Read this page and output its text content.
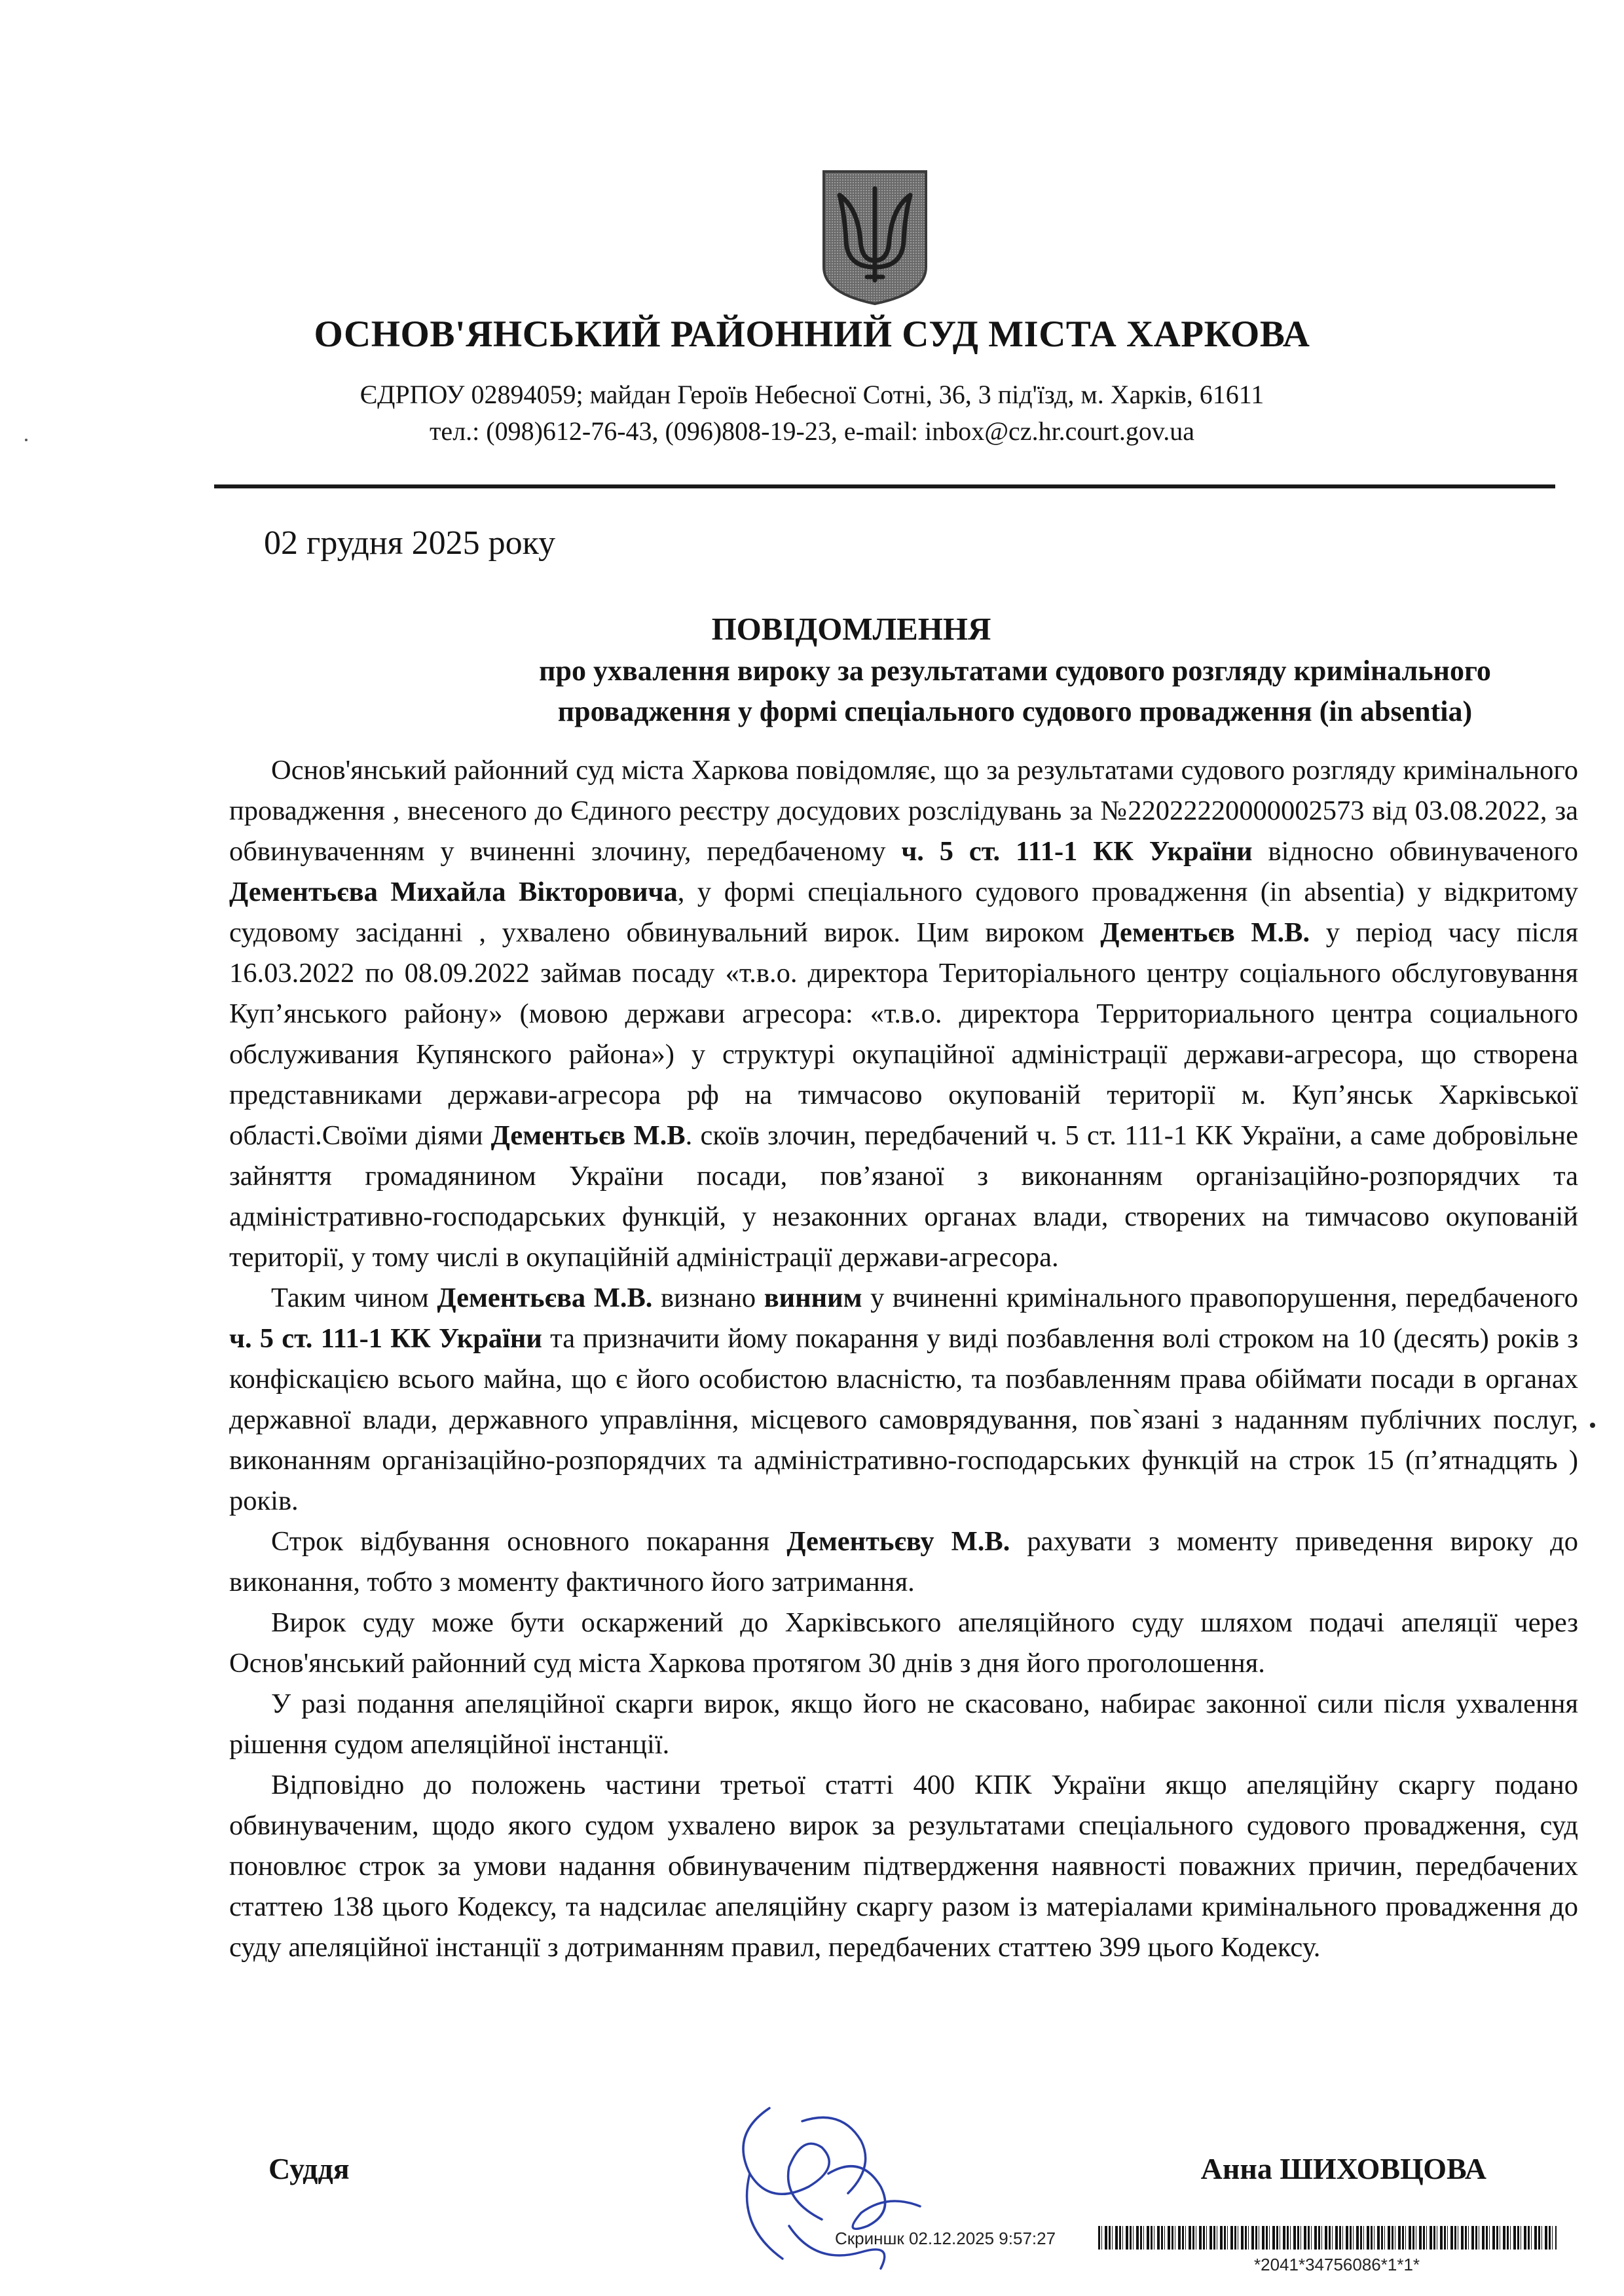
ОСНОВ'ЯНСЬКИЙ РАЙОННИЙ СУД МІСТА ХАРКОВА
ЄДРПОУ 02894059; майдан Героїв Небесної Сотні, 36, 3 під'їзд, м. Харків, 61611
тел.: (098)612-76-43, (096)808-19-23, e-mail: inbox@cz.hr.court.gov.ua
02 грудня 2025 року
ПОВІДОМЛЕННЯ
про ухвалення вироку за результатами судового розгляду кримінального
провадження у формі спеціального судового провадження (in absentia)

Основ'янський районний суд міста Харкова повідомляє, що за результатами судового розгляду кримінального провадження , внесеного до Єдиного реєстру досудових розслідувань за №22022220000002573 від 03.08.2022, за обвинуваченням у вчиненні злочину, передбаченому ч. 5 ст. 111-1 КК України відносно обвинуваченого Дементьєва Михайла Вікторовича, у формі спеціального судового провадження (in absentia) у відкритому судовому засіданні , ухвалено обвинувальний вирок. Цим вироком Дементьєв М.В. у період часу після 16.03.2022 по 08.09.2022 займав посаду «т.в.о. директора Територіального центру соціального обслуговування Куп’янського району» (мовою держави агресора: «т.в.о. директора Территориального центра социального обслуживания Купянского района») у структурі окупаційної адміністрації держави-агресора, що створена представниками держави-агресора рф на тимчасово окупованій території м. Куп’янськ Харківської області.Своїми діями Дементьєв М.В. скоїв злочин, передбачений ч. 5 ст. 111-1 КК України, а саме добровільне зайняття громадянином України посади, пов’язаної з виконанням організаційно-розпорядчих та адміністративно-господарських функцій, у незаконних органах влади, створених на тимчасово окупованій території, у тому числі в окупаційній адміністрації держави-агресора.

Таким чином Дементьєва М.В. визнано винним у вчиненні кримінального правопорушення, передбаченого ч. 5 ст. 111-1 КК України та призначити йому покарання у виді позбавлення волі строком на 10 (десять) років з конфіскацією всього майна, що є його особистою власністю, та позбавленням права обіймати посади в органах державної влади, державного управління, місцевого самоврядування, пов`язані з наданням публічних послуг, виконанням організаційно-розпорядчих та адміністративно-господарських функцій на строк 15 (п’ятнадцять ) років.

Строк відбування основного покарання Дементьєву М.В. рахувати з моменту приведення вироку до виконання, тобто з моменту фактичного його затримання.

Вирок суду може бути оскаржений до Харківського апеляційного суду шляхом подачі апеляції через Основ'янський районний суд міста Харкова протягом 30 днів з дня його проголошення.

У разі подання апеляційної скарги вирок, якщо його не скасовано, набирає законної сили після ухвалення рішення судом апеляційної інстанції.

Відповідно до положень частини третьої статті 400 КПК України якщо апеляційну скаргу подано обвинуваченим, щодо якого судом ухвалено вирок за результатами спеціального судового провадження, суд поновлює строк за умови надання обвинуваченим підтвердження наявності поважних причин, передбачених статтею 138 цього Кодексу, та надсилає апеляційну скаргу разом із матеріалами кримінального провадження до суду апеляційної інстанції з дотриманням правил, передбачених статтею 399 цього Кодексу.

Суддя	Анна ШИХОВЦОВА
Скриншк 02.12.2025 9:57:27
*2041*34756086*1*1*
